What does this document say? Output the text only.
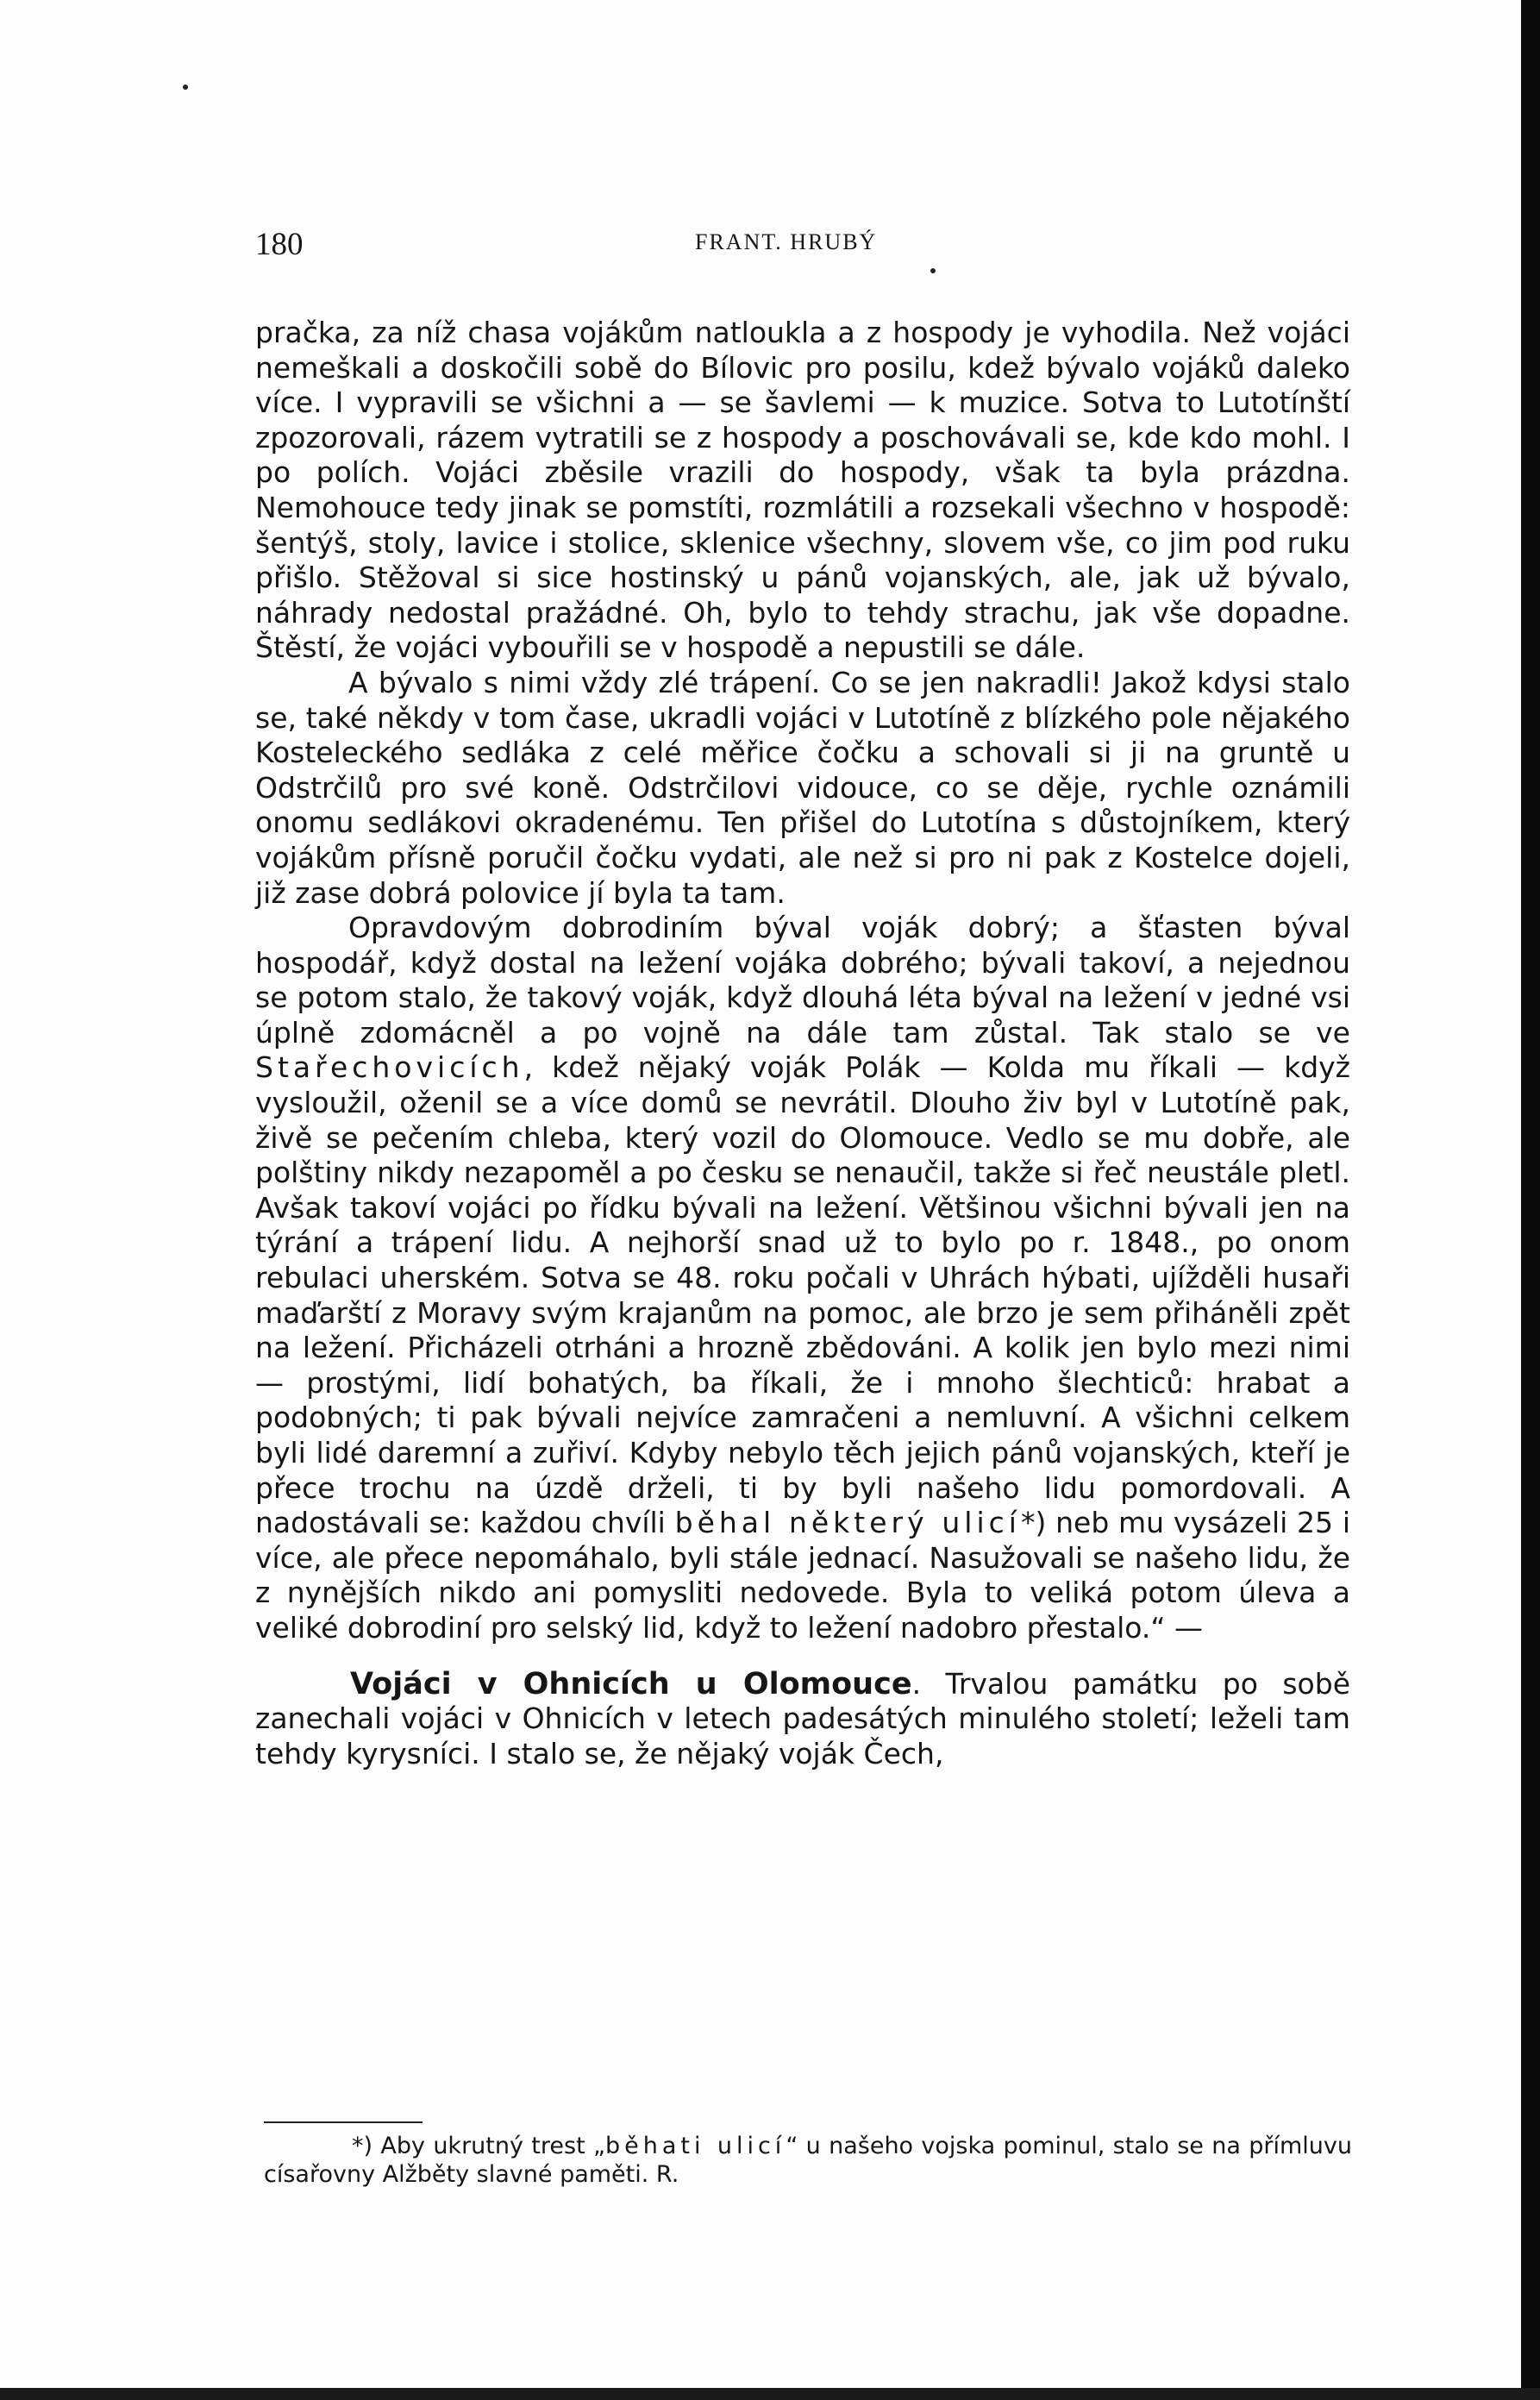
180	FRANT. HRUBÝ

pračka, za níž chasa vojákům natloukla a z hospody je vyhodila. Než vojáci nemeškali a doskočili sobě do Bílovic pro posilu, kdež bývalo vojáků daleko více. I vypravili se všichni a — se šavlemi — k muzice. Sotva to Lutotínští zpozorovali, rázem vytratili se z hospody a poschovávali se, kde kdo mohl. I po polích. Vojáci zběsile vrazili do hospody, však ta byla prázdna. Nemohouce tedy jinak se pomstíti, rozmlátili a rozsekali všechno v hospodě: šentýš, stoly, lavice i stolice, sklenice všechny, slovem vše, co jim pod ruku přišlo. Stěžoval si sice hostinský u pánů vojanských, ale, jak už bývalo, náhrady nedostal pražádné. Oh, bylo to tehdy strachu, jak vše dopadne. Štěstí, že vojáci vybouřili se v hospodě a nepustili se dále.

A bývalo s nimi vždy zlé trápení. Co se jen nakradli! Jakož kdysi stalo se, také někdy v tom čase, ukradli vojáci v Lutotíně z blízkého pole nějakého Kosteleckého sedláka z celé měřice čočku a schovali si ji na gruntě u Odstrčilů pro své koně. Odstrčilovi vidouce, co se děje, rychle oznámili onomu sedlákovi okradenému. Ten přišel do Lutotína s důstojníkem, který vojákům přísně poručil čočku vydati, ale než si pro ni pak z Kostelce dojeli, již zase dobrá polovice jí byla ta tam.

Opravdovým dobrodiním býval voják dobrý; a šťasten býval hospodář, když dostal na ležení vojáka dobrého; bývali takoví, a nejednou se potom stalo, že takový voják, když dlouhá léta býval na ležení v jedné vsi úplně zdomácněl a po vojně na dále tam zůstal. Tak stalo se ve Stařechovicích, kdež nějaký voják Polák — Kolda mu říkali — když vysloužil, oženil se a více domů se nevrátil. Dlouho živ byl v Lutotíně pak, živě se pečením chleba, který vozil do Olomouce. Vedlo se mu dobře, ale polštiny nikdy nezapoměl a po česku se nenaučil, takže si řeč neustále pletl. Avšak takoví vojáci po řídku bývali na ležení. Většinou všichni bývali jen na týrání a trápení lidu. A nejhorší snad už to bylo po r. 1848., po onom rebulaci uherském. Sotva se 48. roku počali v Uhrách hýbati, ujížděli husaři maďarští z Moravy svým krajanům na pomoc, ale brzo je sem přiháněli zpět na ležení. Přicházeli otrháni a hrozně zbědováni. A kolik jen bylo mezi nimi — prostými, lidí bohatých, ba říkali, že i mnoho šlechticů: hrabat a podobných; ti pak bývali nejvíce zamračeni a nemluvní. A všichni celkem byli lidé daremní a zuřiví. Kdyby nebylo těch jejich pánů vojanských, kteří je přece trochu na úzdě drželi, ti by byli našeho lidu pomordovali. A nadostávali se: každou chvíli běhal některý ulicí*) neb mu vysázeli 25 i více, ale přece nepomáhalo, byli stále jednací. Nasužovali se našeho lidu, že z nynějších nikdo ani pomysliti nedovede. Byla to veliká potom úleva a veliké dobrodiní pro selský lid, když to ležení nadobro přestalo.“ —

Vojáci v Ohnicích u Olomouce. Trvalou památku po sobě zanechali vojáci v Ohnicích v letech padesátých minulého století; leželi tam tehdy kyrysníci. I stalo se, že nějaký voják Čech,

*) Aby ukrutný trest „běhati ulicí“ u našeho vojska pominul, stalo se na přímluvu císařovny Alžběty slavné paměti. R.
